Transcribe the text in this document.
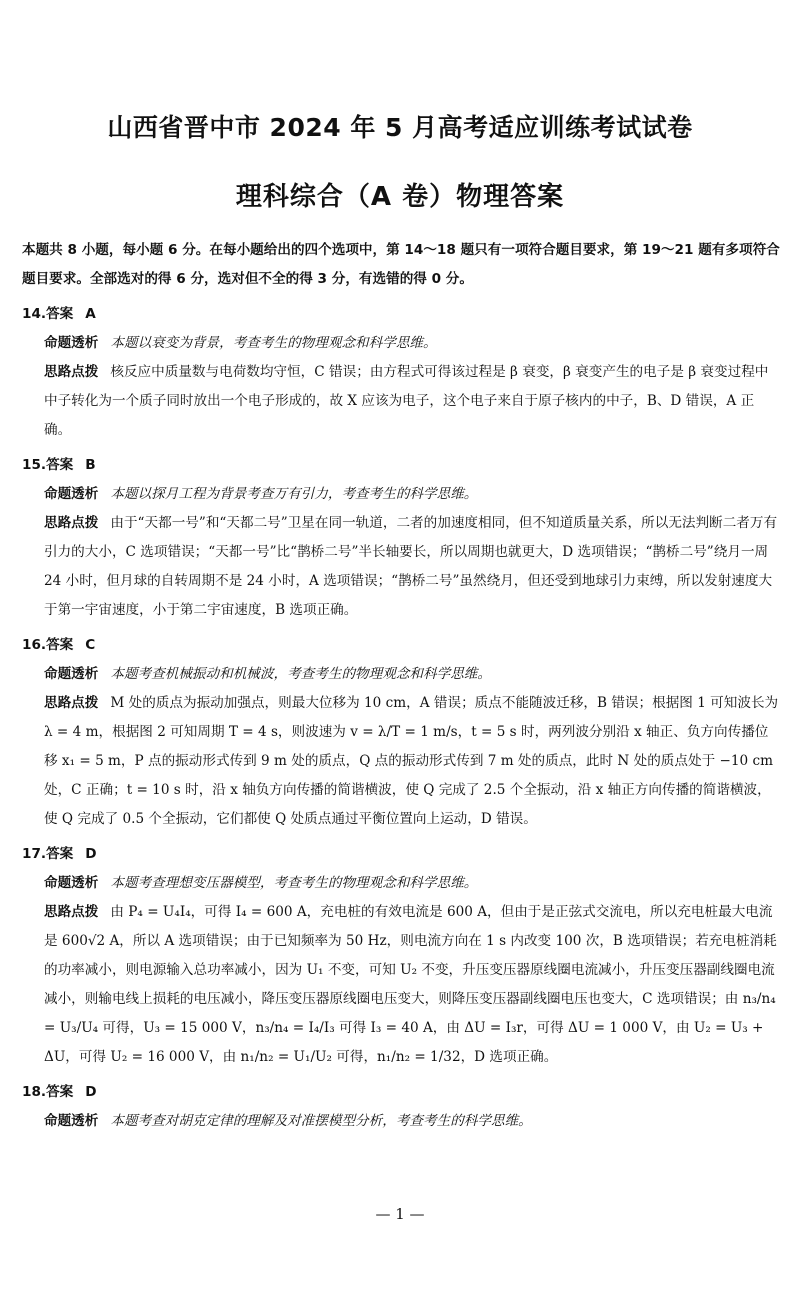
山西省晋中市 2024 年 5 月高考适应训练考试试卷
理科综合（A 卷）物理答案
本题共 8 小题，每小题 6 分。在每小题给出的四个选项中，第 14～18 题只有一项符合题目要求，第 19～21 题有多项符合题目要求。全部选对的得 6 分，选对但不全的得 3 分，有选错的得 0 分。
14.答案 A
命题透析 本题以衰变为背景，考查考生的物理观念和科学思维。
思路点拨 核反应中质量数与电荷数均守恒，C 错误；由方程式可得该过程是 β 衰变，β 衰变产生的电子是 β 衰变过程中中子转化为一个质子同时放出一个电子形成的，故 X 应该为电子，这个电子来自于原子核内的中子，B、D 错误，A 正确。
15.答案 B
命题透析 本题以探月工程为背景考查万有引力，考查考生的科学思维。
思路点拨 由于“天都一号”和“天都二号”卫星在同一轨道，二者的加速度相同，但不知道质量关系，所以无法判断二者万有引力的大小，C 选项错误；“天都一号”比“鹊桥二号”半长轴要长，所以周期也就更大，D 选项错误；“鹊桥二号”绕月一周 24 小时，但月球的自转周期不是 24 小时，A 选项错误；“鹊桥二号”虽然绕月，但还受到地球引力束缚，所以发射速度大于第一宇宙速度，小于第二宇宙速度，B 选项正确。
16.答案 C
命题透析 本题考查机械振动和机械波，考查考生的物理观念和科学思维。
思路点拨 M 处的质点为振动加强点，则最大位移为 10 cm，A 错误；质点不能随波迁移，B 错误；根据图 1 可知波长为 λ = 4 m，根据图 2 可知周期 T = 4 s，则波速为 v = λ/T = 1 m/s，t = 5 s 时，两列波分别沿 x 轴正、负方向传播位移 x₁ = 5 m，P 点的振动形式传到 9 m 处的质点，Q 点的振动形式传到 7 m 处的质点，此时 N 处的质点处于 −10 cm 处，C 正确；t = 10 s 时，沿 x 轴负方向传播的简谐横波，使 Q 完成了 2.5 个全振动，沿 x 轴正方向传播的简谐横波，使 Q 完成了 0.5 个全振动，它们都使 Q 处质点通过平衡位置向上运动，D 错误。
17.答案 D
命题透析 本题考查理想变压器模型，考查考生的物理观念和科学思维。
思路点拨 由 P₄ = U₄I₄，可得 I₄ = 600 A，充电桩的有效电流是 600 A，但由于是正弦式交流电，所以充电桩最大电流是 600√2 A，所以 A 选项错误；由于已知频率为 50 Hz，则电流方向在 1 s 内改变 100 次，B 选项错误；若充电桩消耗的功率减小，则电源输入总功率减小，因为 U₁ 不变，可知 U₂ 不变，升压变压器原线圈电流减小，升压变压器副线圈电流减小，则输电线上损耗的电压减小，降压变压器原线圈电压变大，则降压变压器副线圈电压也变大，C 选项错误；由 n₃/n₄ = U₃/U₄ 可得，U₃ = 15 000 V，n₃/n₄ = I₄/I₃ 可得 I₃ = 40 A，由 ΔU = I₃r，可得 ΔU = 1 000 V，由 U₂ = U₃ + ΔU，可得 U₂ = 16 000 V，由 n₁/n₂ = U₁/U₂ 可得，n₁/n₂ = 1/32，D 选项正确。
18.答案 D
命题透析 本题考查对胡克定律的理解及对准摆模型分析，考查考生的科学思维。
— 1 —
